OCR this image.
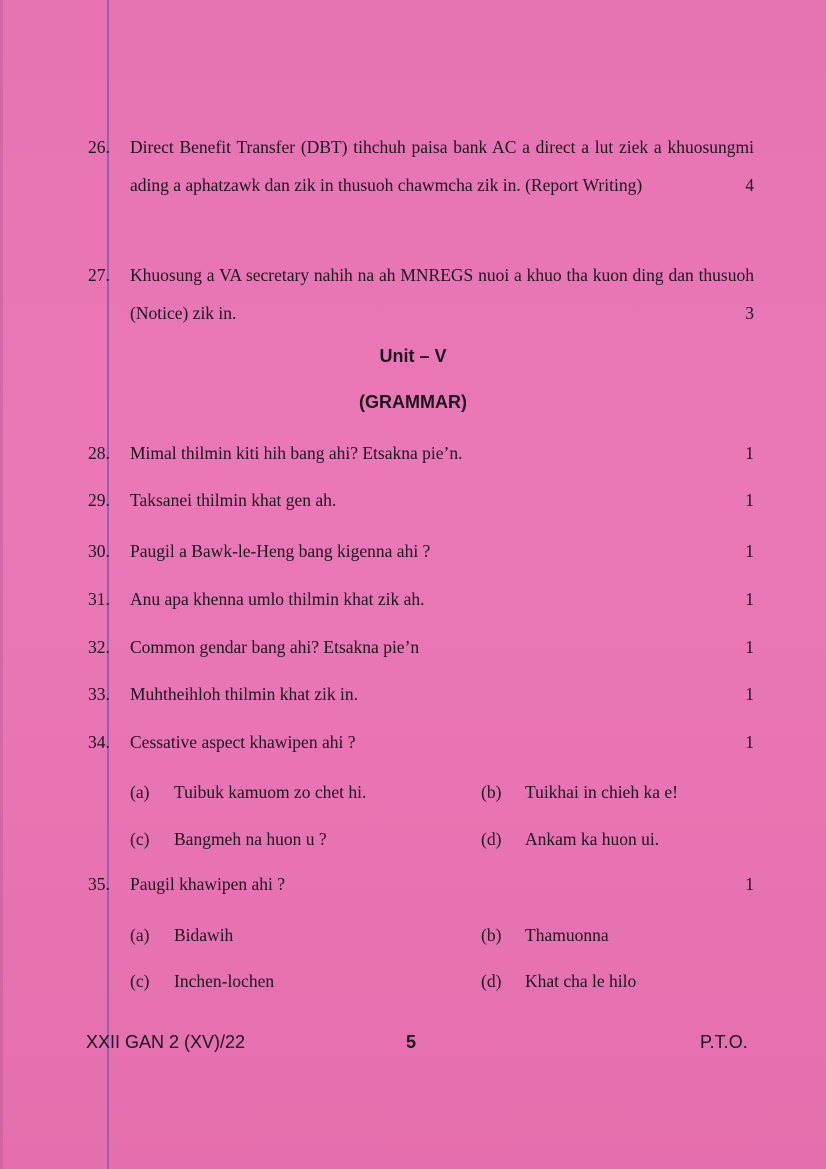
26.	Direct Benefit Transfer (DBT) tihchuh paisa bank AC a direct a lut ziek a khuosungmi ading a aphatzawk dan zik in thusuoh chawmcha zik in. (Report Writing)	4
27.	Khuosung a VA secretary nahih na ah MNREGS nuoi a khuo tha kuon ding dan thusuoh (Notice) zik in.	3
Unit – V
(GRAMMAR)
28.	Mimal thilmin kiti hih bang ahi? Etsakna pie’n.	1
29.	Taksanei thilmin khat gen ah.	1
30.	Paugil a Bawk-le-Heng bang kigenna ahi ?	1
31.	Anu apa khenna umlo thilmin khat zik ah.	1
32.	Common gendar bang ahi? Etsakna pie’n	1
33.	Muhtheihloh thilmin khat zik in.	1
34.	Cessative aspect khawipen ahi ?	1
(a) Tuibuk kamuom zo chet hi.	(b) Tuikhai in chieh ka e!
(c) Bangmeh na huon u ?	(d) Ankam ka huon ui.
35.	Paugil khawipen ahi ?	1
(a) Bidawih	(b) Thamuonna
(c) Inchen-lochen	(d) Khat cha le hilo
XXII GAN 2 (XV)/22	5	P.T.O.
